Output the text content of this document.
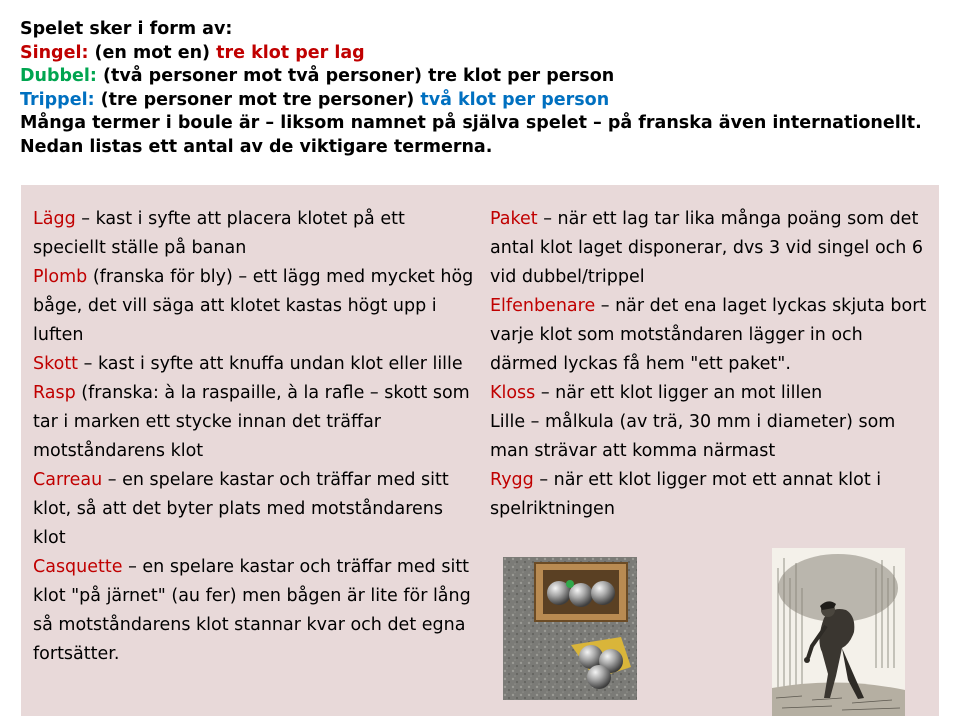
Spelet sker i form av:
Singel: (en mot en) tre klot per lag
Dubbel: (två personer mot två personer) tre klot per person
Trippel: (tre personer mot tre personer) två klot per person
Många termer i boule är – liksom namnet på själva spelet – på franska även internationellt. Nedan listas ett antal av de viktigare termerna.

Lägg – kast i syfte att placera klotet på ett speciellt ställe på banan

Plomb (franska för bly) – ett lägg med mycket hög båge, det vill säga att klotet kastas högt upp i luften

Skott – kast i syfte att knuffa undan klot eller lille

Rasp (franska: à la raspaille, à la rafle – skott som tar i marken ett stycke innan det träffar motståndarens klot

Carreau – en spelare kastar och träffar med sitt klot, så att det byter plats med motståndarens klot

Casquette – en spelare kastar och träffar med sitt klot "på järnet" (au fer) men bågen är lite för lång så motståndarens klot stannar kvar och det egna fortsätter.

Paket – när ett lag tar lika många poäng som det antal klot laget disponerar, dvs 3 vid singel och 6 vid dubbel/trippel

Elfenbenare – när det ena laget lyckas skjuta bort varje klot som motståndaren lägger in och därmed lyckas få hem "ett paket".

Kloss – när ett klot ligger an mot lillen

Lille – målkula (av trä, 30 mm i diameter) som man strävar att komma närmast

Rygg – när ett klot ligger mot ett annat klot i spelriktningen
